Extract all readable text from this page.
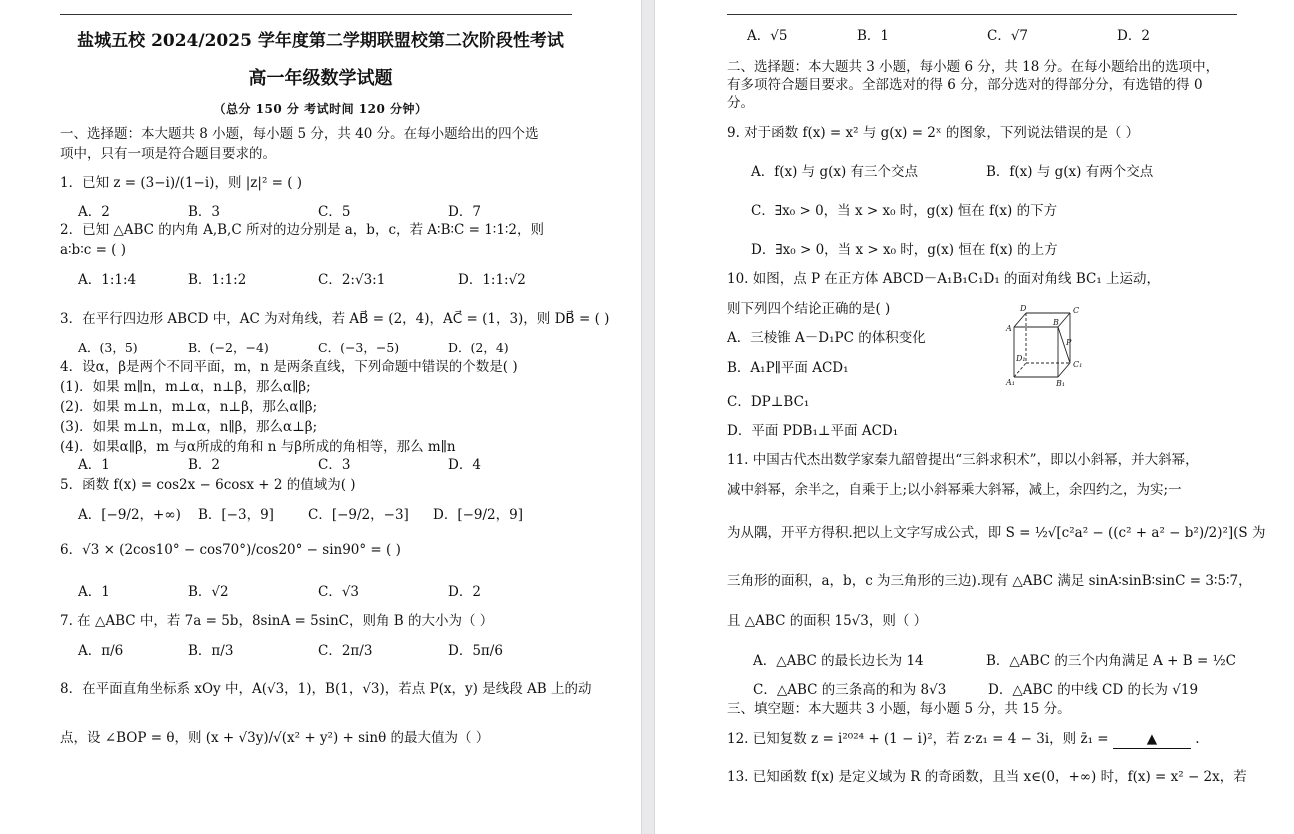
盐城五校 2024/2025 学年度第二学期联盟校第二次阶段性考试
高一年级数学试题
（总分 150 分 考试时间 120 分钟）
一、选择题：本大题共 8 小题，每小题 5 分，共 40 分。在每小题给出的四个选
项中，只有一项是符合题目要求的。
1．已知 z = (3−i)/(1−i)，则 |z|² = ( )
A．2	B．3	C．5	D．7
2．已知 △ABC 的内角 A,B,C 所对的边分别是 a，b，c，若 A∶B∶C = 1∶1∶2，则
a∶b∶c = ( )
A．1:1:4	B．1:1:2	C．2:√3:1	D．1:1:√2
3．在平行四边形 ABCD 中，AC 为对角线，若 AB⃗ = (2，4)，AC⃗ = (1，3)，则 DB⃗ = ( )
A．(3，5)	B．(−2，−4)	C．(−3，−5)	D．(2，4)
4．设α，β是两个不同平面，m，n 是两条直线，下列命题中错误的个数是( )
(1)．如果 m∥n，m⊥α，n⊥β，那么α∥β;
(2)．如果 m⊥n，m⊥α，n⊥β，那么α∥β;
(3)．如果 m⊥n，m⊥α，n∥β，那么α⊥β;
(4)．如果α∥β，m 与α所成的角和 n 与β所成的角相等，那么 m∥n
A．1	B．2	C．3	D．4
5．函数 f(x) = cos2x − 6cosx + 2 的值域为( )
A．[−9/2，+∞) B．[−3，9]	C．[−9/2，−3] D．[−9/2，9]
6．√3 × (2cos10° − cos70°)/cos20° − sin90° = ( )
A．1	B．√2	C．√3	D．2
7. 在 △ABC 中，若 7a = 5b，8sinA = 5sinC，则角 B 的大小为（ ）
A．π/6	B．π/3	C．2π/3	D．5π/6
8．在平面直角坐标系 xOy 中，A(√3，1)，B(1，√3)，若点 P(x，y) 是线段 AB 上的动
点，设 ∠BOP = θ，则 (x + √3y)/√(x² + y²) + sinθ 的最大值为（ ）
A．√5	B．1	C．√7	D．2
二、选择题：本大题共 3 小题，每小题 6 分，共 18 分。在每小题给出的选项中，
有多项符合题目要求。全部选对的得 6 分，部分选对的得部分分，有选错的得 0
分。
9. 对于函数 f(x) = x² 与 g(x) = 2ˣ 的图象，下列说法错误的是（ ）
A．f(x) 与 g(x) 有三个交点	B．f(x) 与 g(x) 有两个交点
C．∃x₀ > 0，当 x > x₀ 时，g(x) 恒在 f(x) 的下方
D．∃x₀ > 0，当 x > x₀ 时，g(x) 恒在 f(x) 的上方
10. 如图，点 P 在正方体 ABCD－A₁B₁C₁D₁ 的面对角线 BC₁ 上运动，
则下列四个结论正确的是( )
A．三棱锥 A－D₁PC 的体积变化
B．A₁P∥平面 ACD₁
C．DP⊥BC₁
D．平面 PDB₁⊥平面 ACD₁
D	C
A
B
P
D₁
C₁
A₁	B₁
11. 中国古代杰出数学家秦九韶曾提出“三斜求积术”，即以小斜幂，并大斜幂，
减中斜幂，余半之，自乘于上;以小斜幂乘大斜幂，减上，余四约之，为实;一
为从隅，开平方得积.把以上文字写成公式，即 S = ½√[c²a² − ((c² + a² − b²)/2)²](S 为
三角形的面积，a，b，c 为三角形的三边).现有 △ABC 满足 sinA∶sinB∶sinC = 3∶5∶7，
且 △ABC 的面积 15√3，则（ ）
A．△ABC 的最长边长为 14	B．△ABC 的三个内角满足 A + B = ½C
C．△ABC 的三条高的和为 8√3	D．△ABC 的中线 CD 的长为 √19
三、填空题：本大题共 3 小题，每小题 5 分，共 15 分。
12. 已知复数 z = i²⁰²⁴ + (1 − i)²，若 z·z₁ = 4 − 3i，则 z̄₁ =	▲	.
13. 已知函数 f(x) 是定义域为 R 的奇函数，且当 x∈(0，+∞) 时，f(x) = x² − 2x，若
